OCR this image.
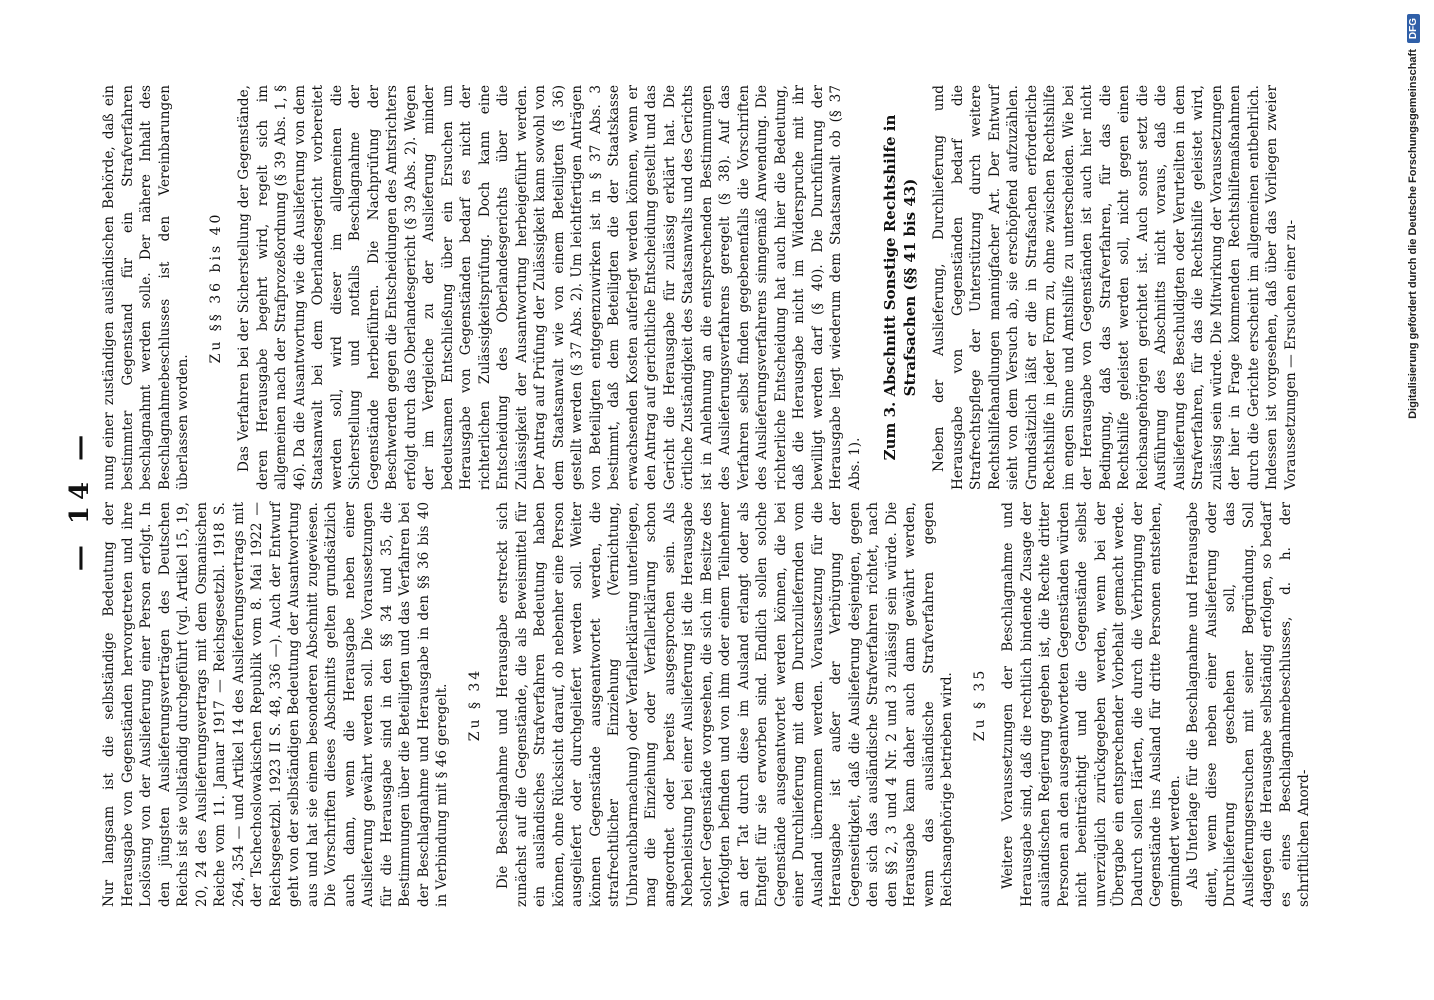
— 14 —

Nur langsam ist die selbständige Bedeutung der Herausgabe von Gegenständen hervorgetreten und ihre Loslösung von der Auslieferung einer Person erfolgt. In den jüngsten Auslieferungsverträgen des Deutschen Reichs ist sie vollständig durchgeführt (vgl. Artikel 15, 19, 20, 24 des Auslieferungsvertrags mit dem Osmanischen Reiche vom 11. Januar 1917 — Reichsgesetzbl. 1918 S. 264, 354 — und Artikel 14 des Auslieferungsvertrags mit der Tschechoslowakischen Republik vom 8. Mai 1922 — Reichsgesetzbl. 1923 II S. 48, 336 —). Auch der Entwurf geht von der selbständigen Bedeutung der Ausantwortung aus und hat sie einem besonderen Abschnitt zugewiesen. Die Vorschriften dieses Abschnitts gelten grundsätzlich auch dann, wenn die Herausgabe neben einer Auslieferung gewährt werden soll. Die Voraussetzungen für die Herausgabe sind in den §§ 34 und 35, die Bestimmungen über die Beteiligten und das Verfahren bei der Beschlagnahme und Herausgabe in den §§ 36 bis 40 in Verbindung mit § 46 geregelt. Zu § 34 Die Beschlagnahme und Herausgabe erstreckt sich zunächst auf die Gegenstände, die als Beweismittel für ein ausländisches Strafverfahren Bedeutung haben können, ohne Rücksicht darauf, ob nebenher eine Person ausgeliefert oder durchgeliefert werden soll. Weiter können Gegenstände ausgeantwortet werden, die strafrechtlicher Einziehung (Vernichtung, Unbrauchbarmachung) oder Verfallerklärung unterliegen, mag die Einziehung oder Verfallerklärung schon angeordnet oder bereits ausgesprochen sein. Als Nebenleistung bei einer Auslieferung ist die Herausgabe solcher Gegenstände vorgesehen, die sich im Besitze des Verfolgten befinden und von ihm oder einem Teilnehmer an der Tat durch diese im Ausland erlangt oder als Entgelt für sie erworben sind. Endlich sollen solche Gegenstände ausgeantwortet werden können, die bei einer Durchlieferung mit dem Durchzuliefernden vom Ausland übernommen werden. Voraussetzung für die Herausgabe ist außer der Verbürgung der Gegenseitigkeit, daß die Auslieferung desjenigen, gegen den sich das ausländische Strafverfahren richtet, nach den §§ 2, 3 und 4 Nr. 2 und 3 zulässig sein würde. Die Herausgabe kann daher auch dann gewährt werden, wenn das ausländische Strafverfahren gegen Reichsangehörige betrieben wird. Zu § 35 Weitere Voraussetzungen der Beschlagnahme und Herausgabe sind, daß die rechtlich bindende Zusage der ausländischen Regierung gegeben ist, die Rechte dritter Personen an den ausgeantworteten Gegenständen würden nicht beeinträchtigt und die Gegenstände selbst unverzüglich zurückgegeben werden, wenn bei der Übergabe ein entsprechender Vorbehalt gemacht werde. Dadurch sollen Härten, die durch die Verbringung der Gegenstände ins Ausland für dritte Personen entstehen, gemindert werden. Als Unterlage für die Beschlagnahme und Herausgabe dient, wenn diese neben einer Auslieferung oder Durchlieferung geschehen soll, das Auslieferungsersuchen mit seiner Begründung. Soll dagegen die Herausgabe selbständig erfolgen, so bedarf es eines Beschlagnahmebeschlusses, d. h. der schriftlichen Anord-

nung einer zuständigen ausländischen Behörde, daß ein bestimmter Gegenstand für ein Strafverfahren beschlagnahmt werden solle. Der nähere Inhalt des Beschlagnahmebeschlusses ist den Vereinbarungen überlassen worden.

Zu §§ 36 bis 40 Das Verfahren bei der Sicherstellung der Gegenstände, deren Herausgabe begehrt wird, regelt sich im allgemeinen nach der Strafprozeßordnung (§ 39 Abs. 1, § 46). Da die Ausantwortung wie die Auslieferung von dem Staatsanwalt bei dem Oberlandesgericht vorbereitet werden soll, wird dieser im allgemeinen die Sicherstellung und notfalls Beschlagnahme der Gegenstände herbeiführen. Die Nachprüfung der Beschwerden gegen die Entscheidungen des Amtsrichters erfolgt durch das Oberlandesgericht (§ 39 Abs. 2). Wegen der im Vergleiche zu der Auslieferung minder bedeutsamen Entschließung über ein Ersuchen um Herausgabe von Gegenständen bedarf es nicht der richterlichen Zulässigkeitsprüfung. Doch kann eine Entscheidung des Oberlandesgerichts über die Zulässigkeit der Ausantwortung herbeigeführt werden. Der Antrag auf Prüfung der Zulässigkeit kann sowohl von dem Staatsanwalt wie von einem Beteiligten (§ 36) gestellt werden (§ 37 Abs. 2). Um leichtfertigen Anträgen von Beteiligten entgegenzuwirken ist in § 37 Abs. 3 bestimmt, daß dem Beteiligten die der Staatskasse erwachsenden Kosten auferlegt werden können, wenn er den Antrag auf gerichtliche Entscheidung gestellt und das Gericht die Herausgabe für zulässig erklärt hat. Die örtliche Zuständigkeit des Staatsanwalts und des Gerichts ist in Anlehnung an die entsprechenden Bestimmungen des Auslieferungsverfahrens geregelt (§ 38). Auf das Verfahren selbst finden gegebenenfalls die Vorschriften des Auslieferungsverfahrens sinngemäß Anwendung. Die richterliche Entscheidung hat auch hier die Bedeutung, daß die Herausgabe nicht im Widerspruche mit ihr bewilligt werden darf (§ 40). Die Durchführung der Herausgabe liegt wiederum dem Staatsanwalt ob (§ 37 Abs. 1).

Zum 3. Abschnitt Sonstige Rechtshilfe in Strafsachen (§§ 41 bis 43) Neben der Auslieferung, Durchlieferung und Herausgabe von Gegenständen bedarf die Strafrechtspflege der Unterstützung durch weitere Rechtshilfehandlungen mannigfacher Art. Der Entwurf sieht von dem Versuch ab, sie erschöpfend aufzuzählen. Grundsätzlich läßt er die in Strafsachen erforderliche Rechtshilfe in jeder Form zu, ohne zwischen Rechtshilfe im engen Sinne und Amtshilfe zu unterscheiden. Wie bei der Herausgabe von Gegenständen ist auch hier nicht Bedingung, daß das Strafverfahren, für das die Rechtshilfe geleistet werden soll, nicht gegen einen Reichsangehörigen gerichtet ist. Auch sonst setzt die Ausführung des Abschnitts nicht voraus, daß die Auslieferung des Beschuldigten oder Verurteilten in dem Strafverfahren, für das die Rechtshilfe geleistet wird, zulässig sein würde. Die Mitwirkung der Voraussetzungen der hier in Frage kommenden Rechtshilfemaßnahmen durch die Gerichte erscheint im allgemeinen entbehrlich. Indessen ist vorgesehen, daß über das Vorliegen zweier Voraussetzungen — Ersuchen einer zu-	Digitalisierung gefördert durch die Deutsche Forschungsgemeinschaft
DFG
